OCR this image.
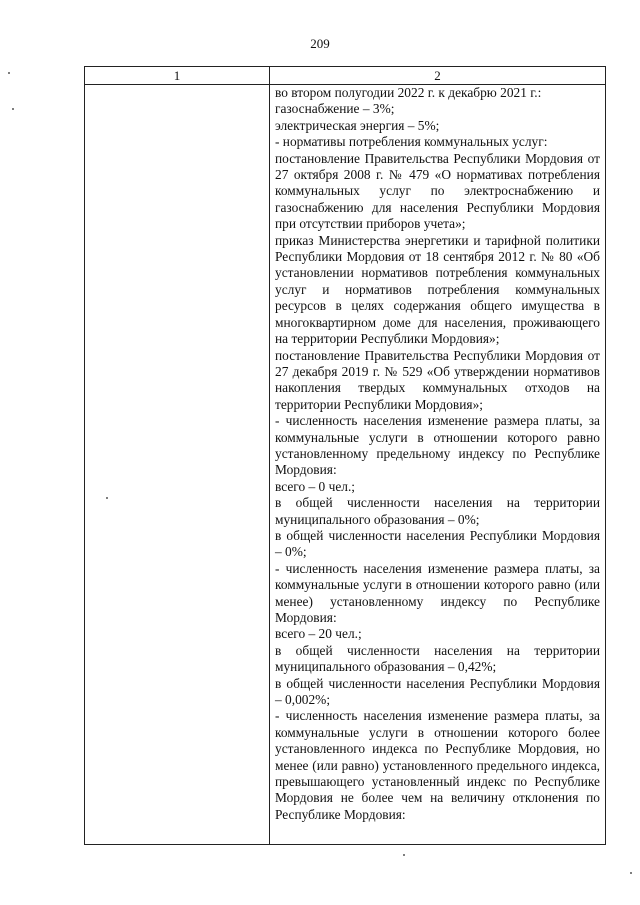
209
1	2

во втором полугодии 2022 г. к декабрю 2021 г.:

газоснабжение – 3%;

электрическая энергия – 5%;

- нормативы потребления коммунальных услуг:

постановление Правительства Республики Мордовия от 27 октября 2008 г. № 479 «О нормативах потребления коммунальных услуг по электроснабжению и газоснабжению для населения Республики Мордовия при отсутствии приборов учета»;

приказ Министерства энергетики и тарифной политики Республики Мордовия от 18 сентября 2012 г. № 80 «Об установлении нормативов потребления коммунальных услуг и нормативов потребления коммунальных ресурсов в целях содержания общего имущества в многоквартирном доме для населения, проживающего на территории Республики Мордовия»;

постановление Правительства Республики Мордовия от 27 декабря 2019 г. № 529 «Об утверждении нормативов накопления твердых коммунальных отходов на территории Республики Мордовия»;

- численность населения изменение размера платы, за коммунальные услуги в отношении которого равно установленному предельному индексу по Республике Мордовия:

всего – 0 чел.;

в общей численности населения на территории муниципального образования – 0%;

в общей численности населения Республики Мордовия – 0%;

- численность населения изменение размера платы, за коммунальные услуги в отношении которого равно (или менее) установленному индексу по Республике Мордовия:

всего – 20 чел.;

в общей численности населения на территории муниципального образования – 0,42%;

в общей численности населения Республики Мордовия – 0,002%;

- численность населения изменение размера платы, за коммунальные услуги в отношении которого более установленного индекса по Республике Мордовия, но менее (или равно) установленного предельного индекса, превышающего установленный индекс по Республике Мордовия не более чем на величину отклонения по Республике Мордовия:
